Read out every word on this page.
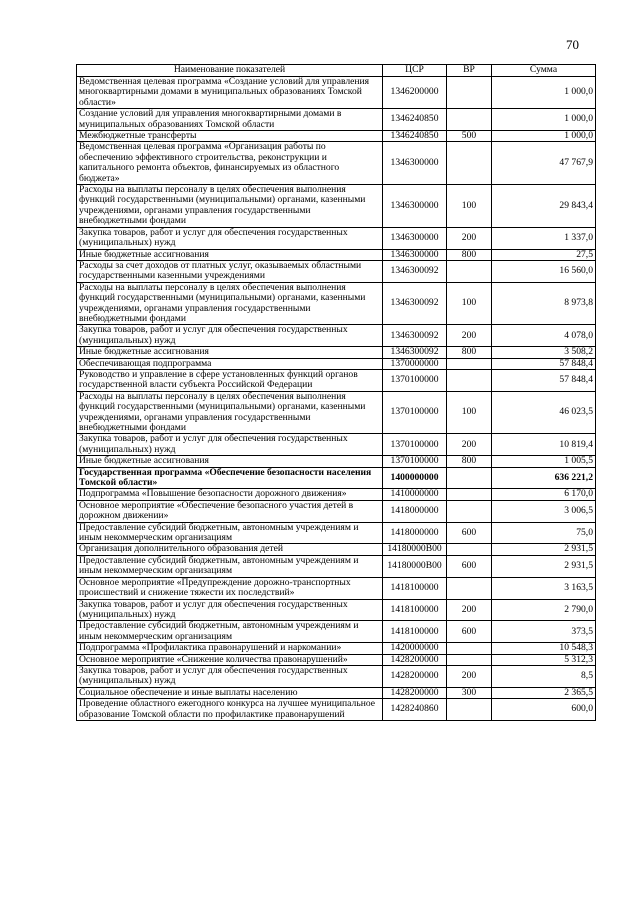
70
Наименование показателей	ЦСР	ВР	Сумма
Ведомственная целевая программа «Создание условий для управления многоквартирными домами в муниципальных образованиях Томской области»	1346200000		1 000,0
Создание условий для управления многоквартирными домами в муниципальных образованиях Томской области	1346240850		1 000,0
Межбюджетные трансферты	1346240850	500	1 000,0
Ведомственная целевая программа «Организация работы по обеспечению эффективного строительства, реконструкции и капитального ремонта объектов, финансируемых из областного бюджета»	1346300000		47 767,9
Расходы на выплаты персоналу в целях обеспечения выполнения функций государственными (муниципальными) органами, казенными учреждениями, органами управления государственными внебюджетными фондами	1346300000	100	29 843,4
Закупка товаров, работ и услуг для обеспечения государственных (муниципальных) нужд	1346300000	200	1 337,0
Иные бюджетные ассигнования	1346300000	800	27,5
Расходы за счет доходов от платных услуг, оказываемых областными государственными казенными учреждениями	1346300092		16 560,0
Расходы на выплаты персоналу в целях обеспечения выполнения функций государственными (муниципальными) органами, казенными учреждениями, органами управления государственными внебюджетными фондами	1346300092	100	8 973,8
Закупка товаров, работ и услуг для обеспечения государственных (муниципальных) нужд	1346300092	200	4 078,0
Иные бюджетные ассигнования	1346300092	800	3 508,2
Обеспечивающая подпрограмма	1370000000		57 848,4
Руководство и управление в сфере установленных функций органов государственной власти субъекта Российской Федерации	1370100000		57 848,4
Расходы на выплаты персоналу в целях обеспечения выполнения функций государственными (муниципальными) органами, казенными учреждениями, органами управления государственными внебюджетными фондами	1370100000	100	46 023,5
Закупка товаров, работ и услуг для обеспечения государственных (муниципальных) нужд	1370100000	200	10 819,4
Иные бюджетные ассигнования	1370100000	800	1 005,5
Государственная программа «Обеспечение безопасности населения Томской области»	1400000000		636 221,2
Подпрограмма «Повышение безопасности дорожного движения»	1410000000		6 170,0
Основное мероприятие «Обеспечение безопасного участия детей в дорожном движении»	1418000000		3 006,5
Предоставление субсидий бюджетным, автономным учреждениям и иным некоммерческим организациям	1418000000	600	75,0
Организация дополнительного образования детей	14180000В00		2 931,5
Предоставление субсидий бюджетным, автономным учреждениям и иным некоммерческим организациям	14180000В00	600	2 931,5
Основное мероприятие «Предупреждение дорожно-транспортных происшествий и снижение тяжести их последствий»	1418100000		3 163,5
Закупка товаров, работ и услуг для обеспечения государственных (муниципальных) нужд	1418100000	200	2 790,0
Предоставление субсидий бюджетным, автономным учреждениям и иным некоммерческим организациям	1418100000	600	373,5
Подпрограмма «Профилактика правонарушений и наркомании»	1420000000		10 548,3
Основное мероприятие «Снижение количества правонарушений»	1428200000		5 312,3
Закупка товаров, работ и услуг для обеспечения государственных (муниципальных) нужд	1428200000	200	8,5
Социальное обеспечение и иные выплаты населению	1428200000	300	2 365,5
Проведение областного ежегодного конкурса на лучшее муниципальное образование Томской области по профилактике правонарушений	1428240860		600,0
